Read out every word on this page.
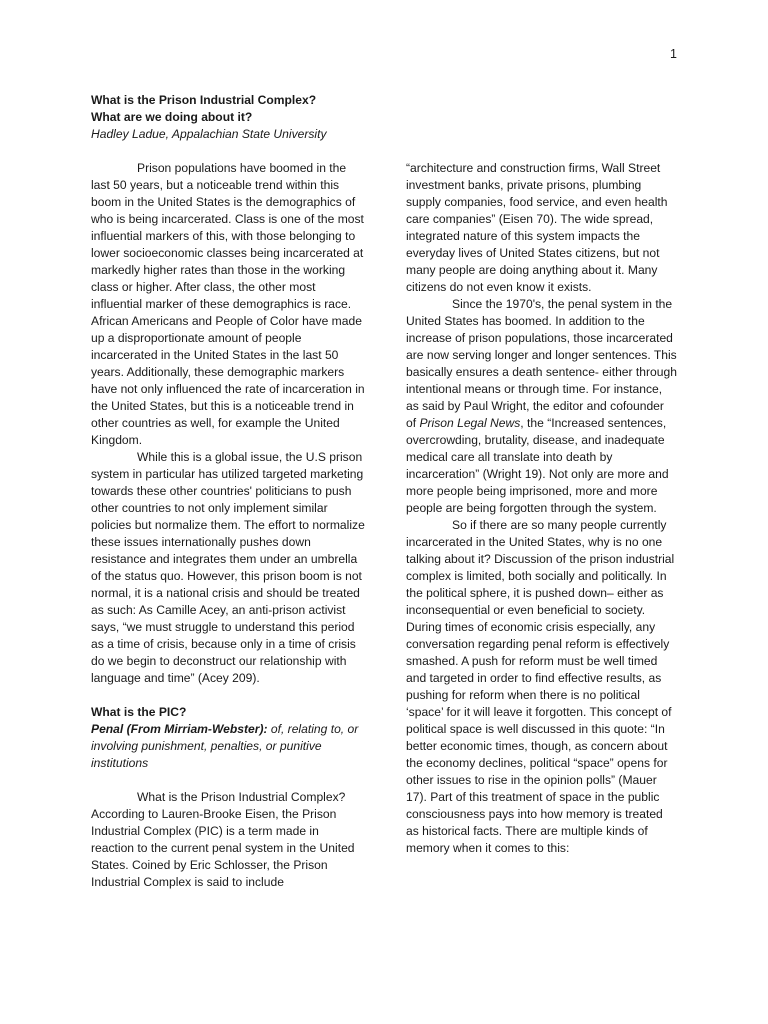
1

What is the Prison Industrial Complex?

What are we doing about it?

Hadley Ladue, Appalachian State University

Prison populations have boomed in the last 50 years, but a noticeable trend within this boom in the United States is the demographics of who is being incarcerated. Class is one of the most influential markers of this, with those belonging to lower socioeconomic classes being incarcerated at markedly higher rates than those in the working class or higher. After class, the other most influential marker of these demographics is race. African Americans and People of Color have made up a disproportionate amount of people incarcerated in the United States in the last 50 years. Additionally, these demographic markers have not only influenced the rate of incarceration in the United States, but this is a noticeable trend in other countries as well, for example the United Kingdom.

While this is a global issue, the U.S prison system in particular has utilized targeted marketing towards these other countries' politicians to push other countries to not only implement similar policies but normalize them. The effort to normalize these issues internationally pushes down resistance and integrates them under an umbrella of the status quo. However, this prison boom is not normal, it is a national crisis and should be treated as such: As Camille Acey, an anti-prison activist says, “we must struggle to understand this period as a time of crisis, because only in a time of crisis do we begin to deconstruct our relationship with language and time” (Acey 209).

What is the PIC?

Penal (From Mirriam-Webster): of, relating to, or involving punishment, penalties, or punitive institutions

What is the Prison Industrial Complex? According to Lauren-Brooke Eisen, the Prison Industrial Complex (PIC) is a term made in reaction to the current penal system in the United States. Coined by Eric Schlosser, the Prison Industrial Complex is said to include

“architecture and construction firms, Wall Street investment banks, private prisons, plumbing supply companies, food service, and even health care companies” (Eisen 70). The wide spread, integrated nature of this system impacts the everyday lives of United States citizens, but not many people are doing anything about it. Many citizens do not even know it exists.

Since the 1970's, the penal system in the United States has boomed. In addition to the increase of prison populations, those incarcerated are now serving longer and longer sentences. This basically ensures a death sentence- either through intentional means or through time. For instance, as said by Paul Wright, the editor and cofounder of Prison Legal News, the “Increased sentences, overcrowding, brutality, disease, and inadequate medical care all translate into death by incarceration” (Wright 19). Not only are more and more people being imprisoned, more and more people are being forgotten through the system.

So if there are so many people currently incarcerated in the United States, why is no one talking about it? Discussion of the prison industrial complex is limited, both socially and politically. In the political sphere, it is pushed down– either as inconsequential or even beneficial to society. During times of economic crisis especially, any conversation regarding penal reform is effectively smashed. A push for reform must be well timed and targeted in order to find effective results, as pushing for reform when there is no political ‘space’ for it will leave it forgotten. This concept of political space is well discussed in this quote: “In better economic times, though, as concern about the economy declines, political “space” opens for other issues to rise in the opinion polls” (Mauer 17). Part of this treatment of space in the public consciousness pays into how memory is treated as historical facts. There are multiple kinds of memory when it comes to this:
